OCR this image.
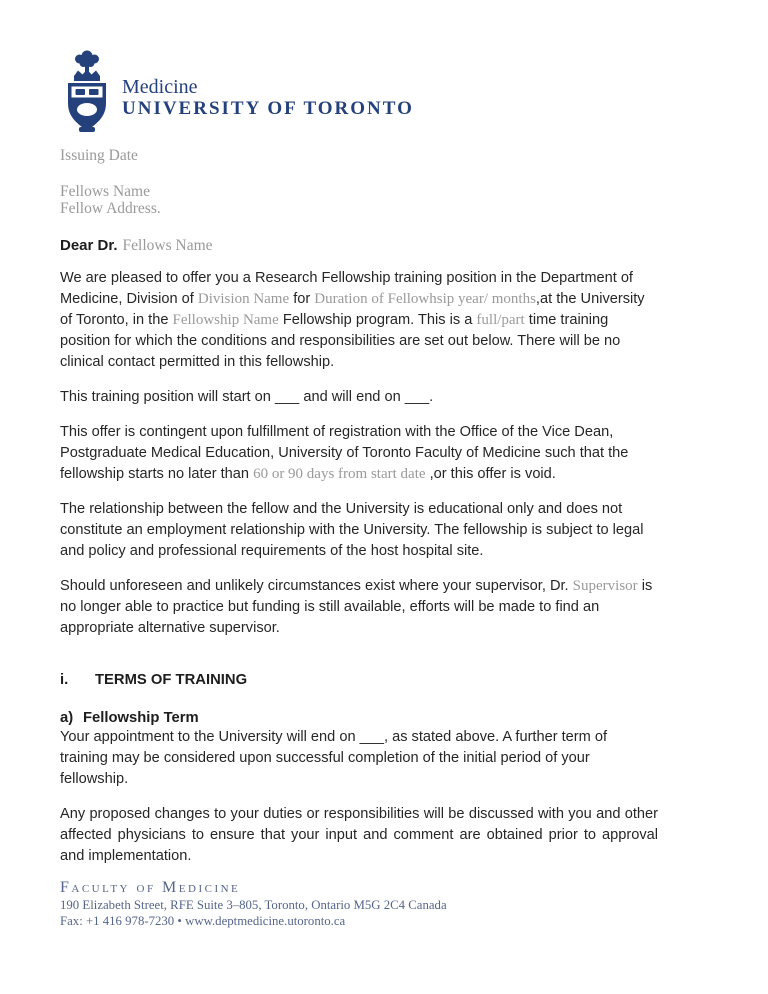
Medicine
UNIVERSITY OF TORONTO
Issuing Date
Fellows Name
Fellow Address.

Dear Dr. Fellows Name

We are pleased to offer you a Research Fellowship training position in the Department of Medicine, Division of Division Name for Duration of Fellowhsip year/ months,at the University of Toronto, in the Fellowship Name Fellowship program. This is a full/part time training position for which the conditions and responsibilities are set out below. There will be no clinical contact permitted in this fellowship.

This training position will start on ___ and will end on ___.

This offer is contingent upon fulfillment of registration with the Office of the Vice Dean, Postgraduate Medical Education, University of Toronto Faculty of Medicine such that the fellowship starts no later than 60 or 90 days from start date ,or this offer is void.

The relationship between the fellow and the University is educational only and does not constitute an employment relationship with the University. The fellowship is subject to legal and policy and professional requirements of the host hospital site.

Should unforeseen and unlikely circumstances exist where your supervisor, Dr. Supervisor is no longer able to practice but funding is still available, efforts will be made to find an appropriate alternative supervisor.

i.	TERMS OF TRAINING
a) Fellowship Term

Your appointment to the University will end on ___, as stated above. A further term of training may be considered upon successful completion of the initial period of your fellowship.

Any proposed changes to your duties or responsibilities will be discussed with you and other affected physicians to ensure that your input and comment are obtained prior to approval and implementation.

Faculty of Medicine
190 Elizabeth Street, RFE Suite 3–805, Toronto, Ontario M5G 2C4 Canada
Fax: +1 416 978-7230 • www.deptmedicine.utoronto.ca
